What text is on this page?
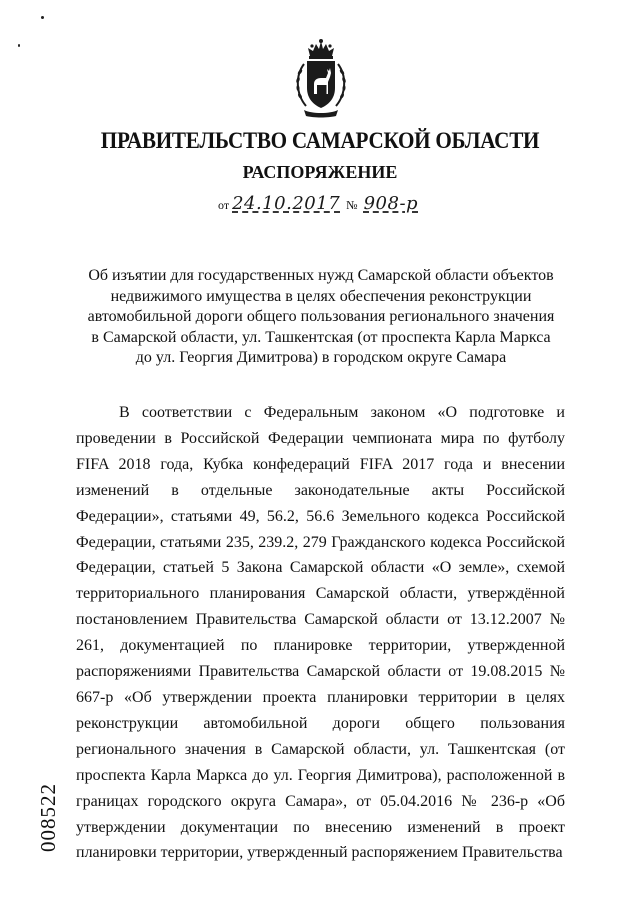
ПРАВИТЕЛЬСТВО САМАРСКОЙ ОБЛАСТИ
РАСПОРЯЖЕНИЕ
от 24.10.2017 № 908-р
Об изъятии для государственных нужд Самарской области объектов недвижимого имущества в целях обеспечения реконструкции автомобильной дороги общего пользования регионального значения в Самарской области, ул. Ташкентская (от проспекта Карла Маркса до ул. Георгия Димитрова) в городском округе Самара

В соответствии с Федеральным законом «О подготовке и проведении в Российской Федерации чемпионата мира по футболу FIFA 2018 года, Кубка конфедераций FIFA 2017 года и внесении изменений в отдельные законодательные акты Российской Федерации», статьями 49, 56.2, 56.6 Земельного кодекса Российской Федерации, статьями 235, 239.2, 279 Гражданского кодекса Российской Федерации, статьей 5 Закона Самарской области «О земле», схемой территориального планирования Самарской области, утверждённой постановлением Правительства Самарской области от 13.12.2007 № 261, документацией по планировке территории, утвержденной распоряжениями Правительства Самарской области от 19.08.2015 № 667-р «Об утверждении проекта планировки территории в целях реконструкции автомобильной дороги общего пользования регионального значения в Самарской области, ул. Ташкентская (от проспекта Карла Маркса до ул. Георгия Димитрова), расположенной в границах городского округа Самара», от 05.04.2016 № 236-р «Об утверждении документации по внесению изменений в проект планировки территории, утвержденный распоряжением Правительства

008522
